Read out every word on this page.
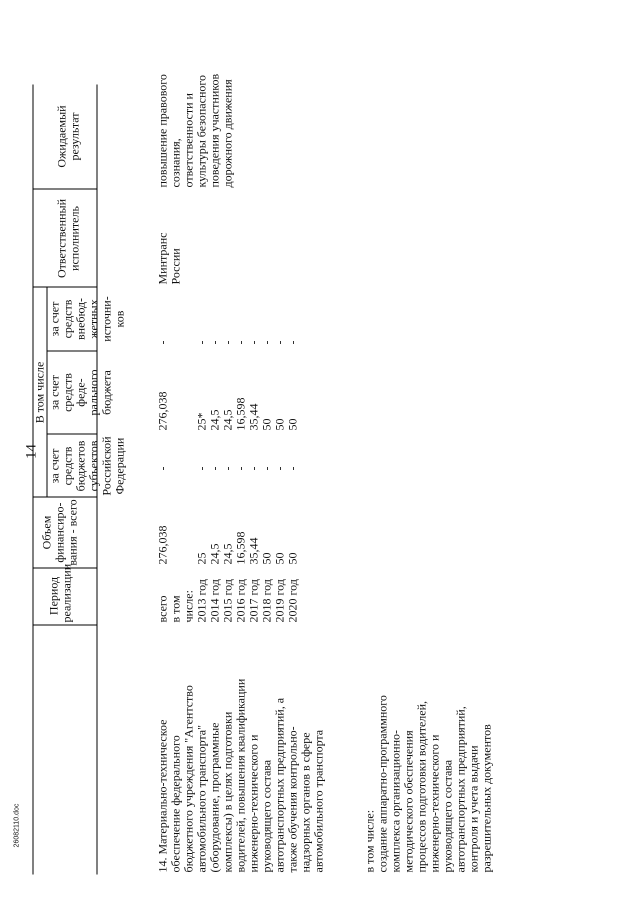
14
26082110.doc
Период
реализации
Объем
финансиро-
вания - всего
В том числе за счет
средств
феде-
рального
бюджета
за счет
средств
бюджетов
субъектов
Российской
Федерации
за счет
средств
внебюд-
жетных
источни-
ков
Ответственный
исполнитель
Ожидаемый
результат
14. Материально-техническое
обеспечение федерального
бюджетного учреждения "Агентство
автомобильного транспорта"
(оборудование, программные
комплексы) в целях подготовки
водителей, повышения квалификации
инженерно-технического и
руководящего состава
автотранспортных предприятий, а
также обучения контрольно-
надзорных органов в сфере
автомобильного транспорта
в том числе:
создание аппаратно-программного
комплекса организационно-
методического обеспечения
процессов подготовки водителей,
инженерно-технического и
руководящего состава
автотранспортных предприятий,
контроля и учета выдачи
разрешительных документов
всего
в том
числе:
2013 год
2014 год
2015 год
2016 год
2017 год
2018 год
2019 год
2020 год
276,038

25
24,5
24,5
16,598
35,44
50
50
50
276,038

25*
24,5
24,5
16,598
35,44
50
50
50
-

-
-
-
-
-
-
-
-
-

-
-
-
-
-
-
-
-
Минтранс
России
повышение правового
сознания,
ответственности и
культуры безопасного
поведения участников
дорожного движения
